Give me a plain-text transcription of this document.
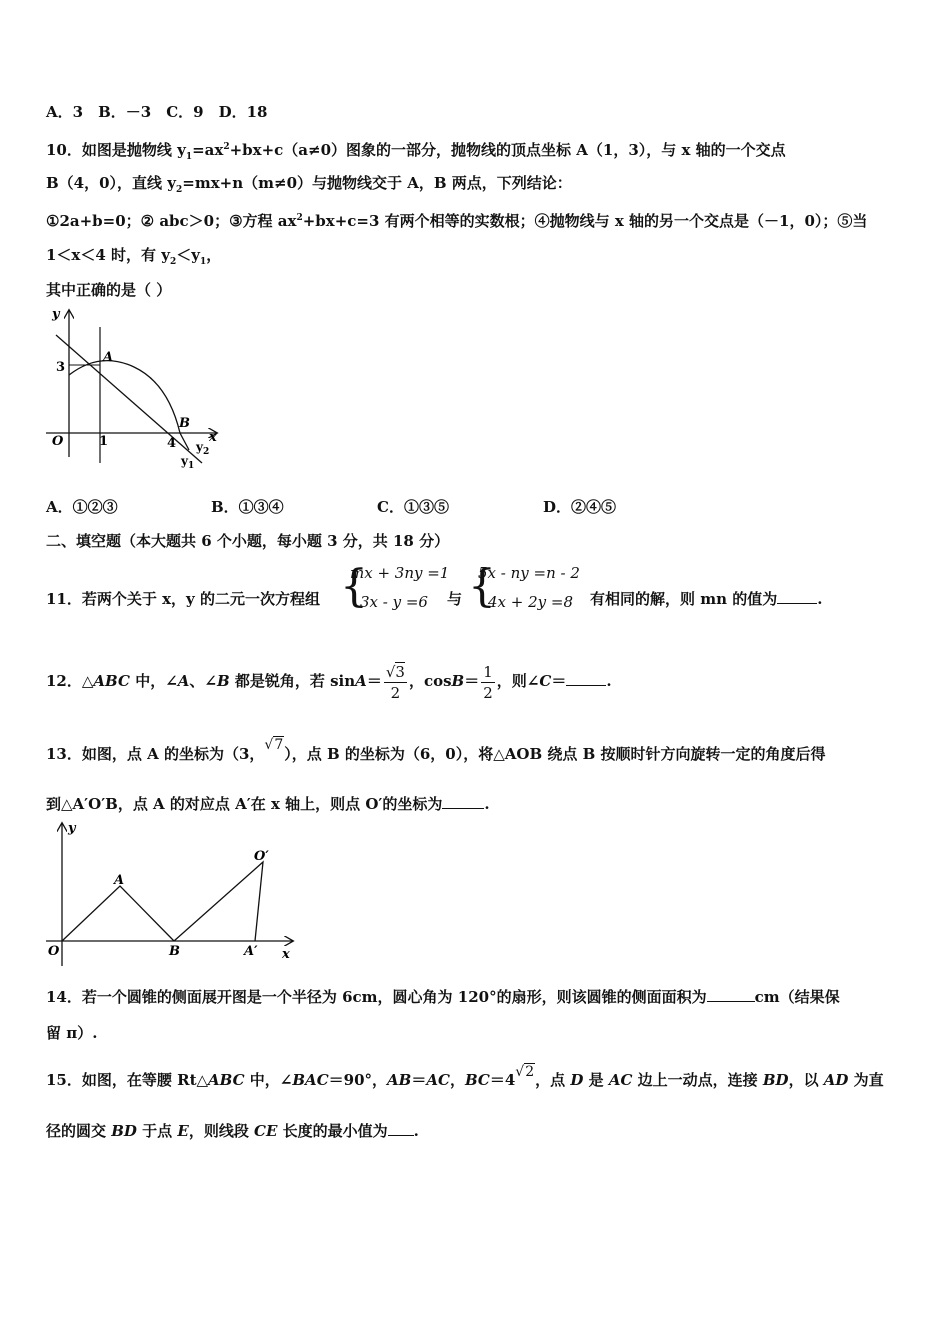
A．3　B．－3　C．9　D．18
10．如图是抛物线 $y_1=ax^2+bx+c(a\ne 0)$图象的一部分，抛物线的顶点坐标 A（1，3），与 x 轴的一个交点
B（4，0），直线 $y_2=mx+n(m\ne 0)$与抛物线交于 A，B 两点，下列结论：
①2a+b=0；② abc＞0；③方程 $ax^2+bx+c=3$ 有两个相等的实数根；④抛物线与 x 轴的另一个交点是（－1，0）；⑤当
1＜x＜4 时，有 $y_2<y_1$，
其中正确的是（ ）
y
x
O
3
1	4
A
B
$y_2$
$y_1$
A．①②③	B．①③④	C．①③⑤	D．②④⑤
二、填空题（本大题共 6 个小题，每小题 3 分，共 18 分）
11．若两个关于 x，y 的二元一次方程组 {
mx + 3ny =1
3x - y =6 与 {
5x - ny =n - 2
4x + 2y =8 有相同的解，则 mn 的值为	.
12．△ABC 中，∠A、∠B 都是锐角，若 $\sin A= \frac{√3}{2}$ ，$\cos B= \frac{1}{2}$ ，则∠C＝	.
13．如图，点 A 的坐标为（3，√7），点 B 的坐标为（6，0），将△AOB 绕点 B 按顺时针方向旋转一定的角度后得
到△A′O′B，点 A 的对应点 A′在 x 轴上，则点 O′的坐标为	.
y
x
O
A
B	A′
O′
14．若一个圆锥的侧面展开图是一个半径为 6cm，圆心角为 120°的扇形，则该圆锥的侧面面积为	cm（结果保
留 π）.
15．如图，在等腰 Rt△ABC 中，∠BAC＝90°，AB＝AC，BC＝4√2，点 D 是 AC 边上一动点，连接 BD，以 AD 为直
径的圆交 BD 于点 E，则线段 CE 长度的最小值为 .
